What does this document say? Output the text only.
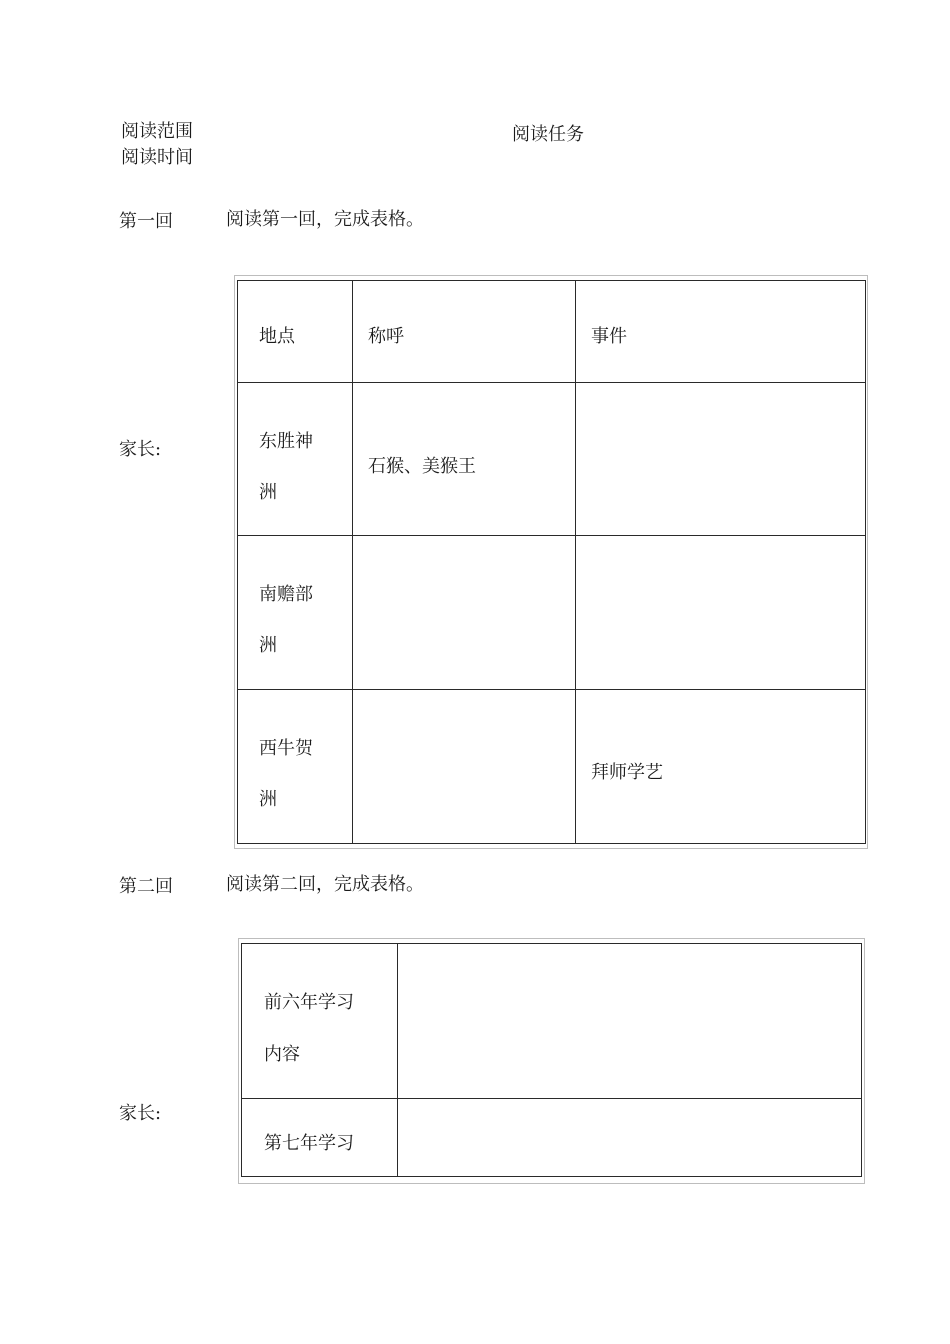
阅读范围
阅读时间
阅读任务
第一回	阅读第一回，完成表格。
家长:
地点	称呼	事件

东胜神
洲	石猴、美猴王	

南赡部
洲		

西牛贺
洲		拜师学艺
第二回	阅读第二回，完成表格。
家长:
前六年学习
内容	

第七年学习	
